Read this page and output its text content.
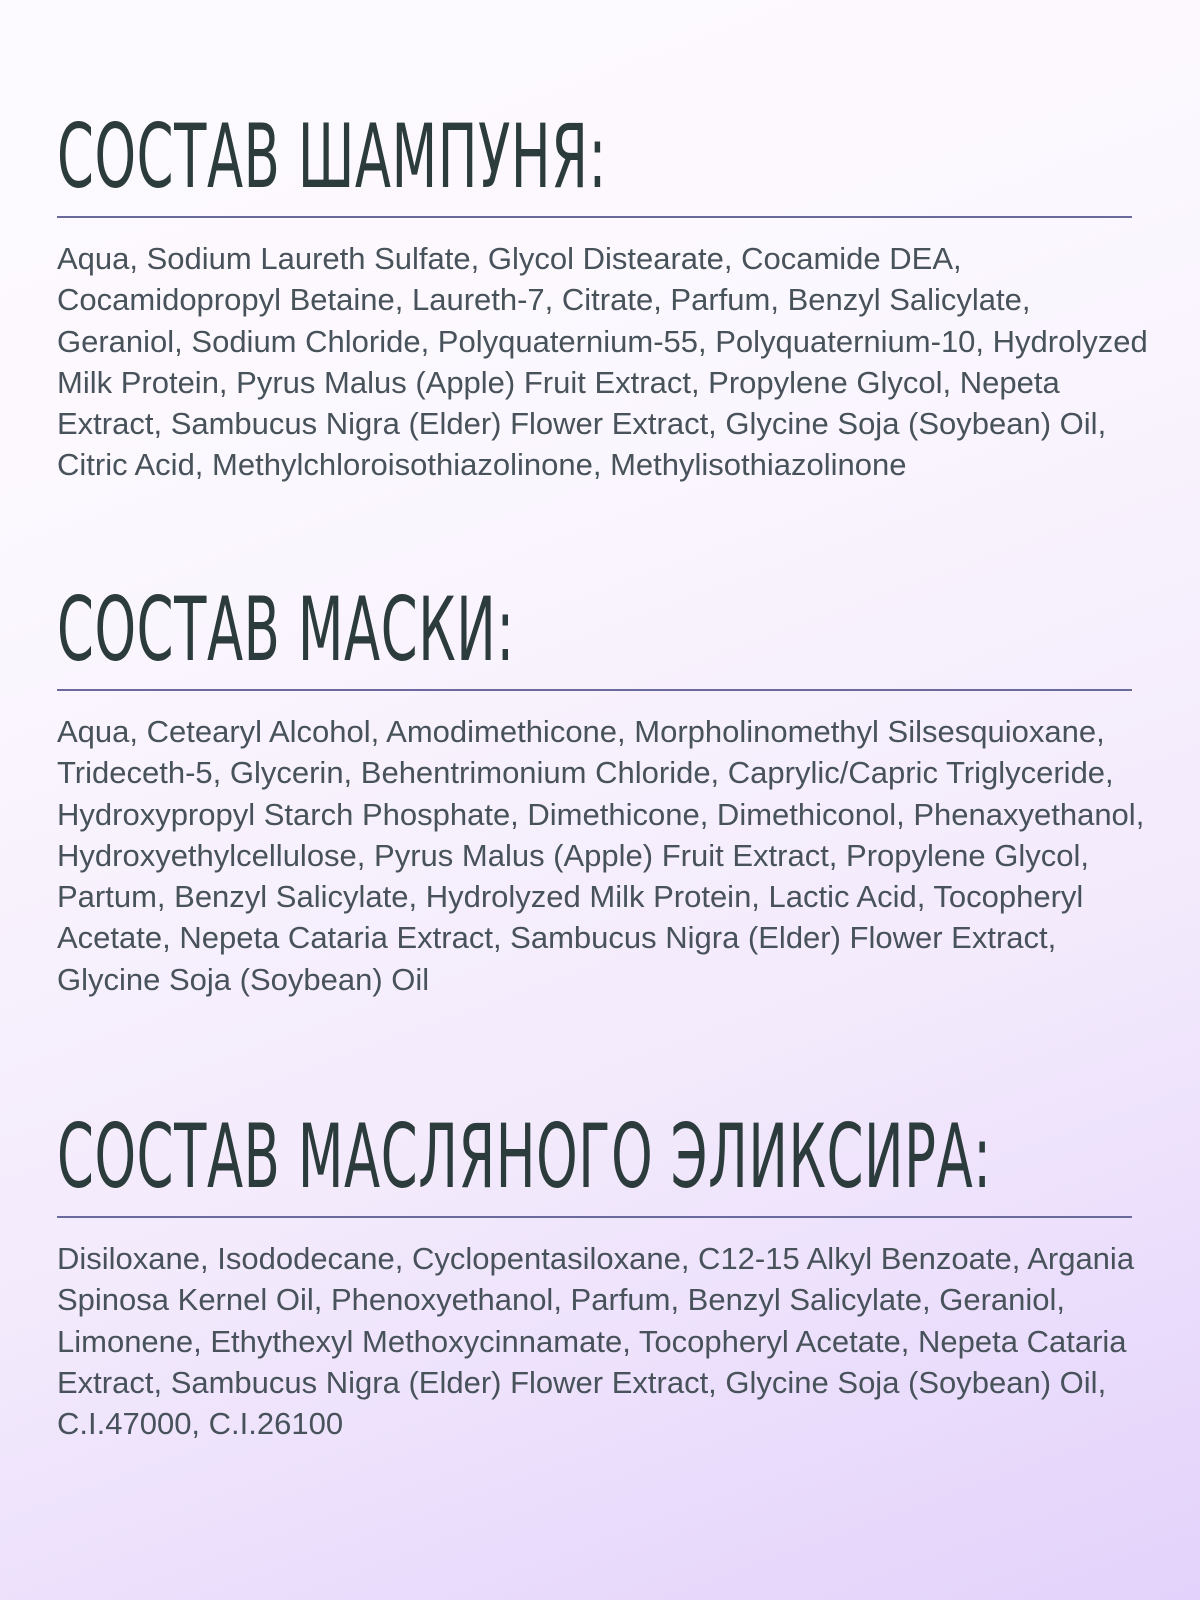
СОСТАВ ШАМПУНЯ:

Aqua, Sodium Laureth Sulfate, Glycol Distearate, Cocamide DEA, Cocamidopropyl Betaine, Laureth-7, Citrate, Parfum, Benzyl Salicylate, Geraniol, Sodium Chloride, Polyquaternium-55, Polyquaternium-10, Hydrolyzed Milk Protein, Pyrus Malus (Apple) Fruit Extract, Propylene Glycol, Nepeta Extract, Sambucus Nigra (Elder) Flower Extract, Glycine Soja (Soybean) Oil, Citric Acid, Methylchloroisothiazolinone, Methylisothiazolinone

СОСТАВ МАСКИ:

Aqua, Cetearyl Alcohol, Amodimethicone, Morpholinomethyl Silsesquioxane, Trideceth-5, Glycerin, Behentrimonium Chloride, Caprylic/Capric Triglyceride, Hydroxypropyl Starch Phosphate, Dimethicone, Dimethiconol, Phenaxyethanol, Hydroxyethylcellulose, Pyrus Malus (Apple) Fruit Extract, Propylene Glycol, Partum, Benzyl Salicylate, Hydrolyzed Milk Protein, Lactic Acid, Tocopheryl Acetate, Nepeta Cataria Extract, Sambucus Nigra (Elder) Flower Extract, Glycine Soja (Soybean) Oil

СОСТАВ МАСЛЯНОГО ЭЛИКСИРА:

Disiloxane, Isododecane, Cyclopentasiloxane, C12-15 Alkyl Benzoate, Argania Spinosa Kernel Oil, Phenoxyethanol, Parfum, Benzyl Salicylate, Geraniol, Limonene, Ethythexyl Methoxycinnamate, Tocopheryl Acetate, Nepeta Cataria Extract, Sambucus Nigra (Elder) Flower Extract, Glycine Soja (Soybean) Oil, C.I.47000, C.I.26100
